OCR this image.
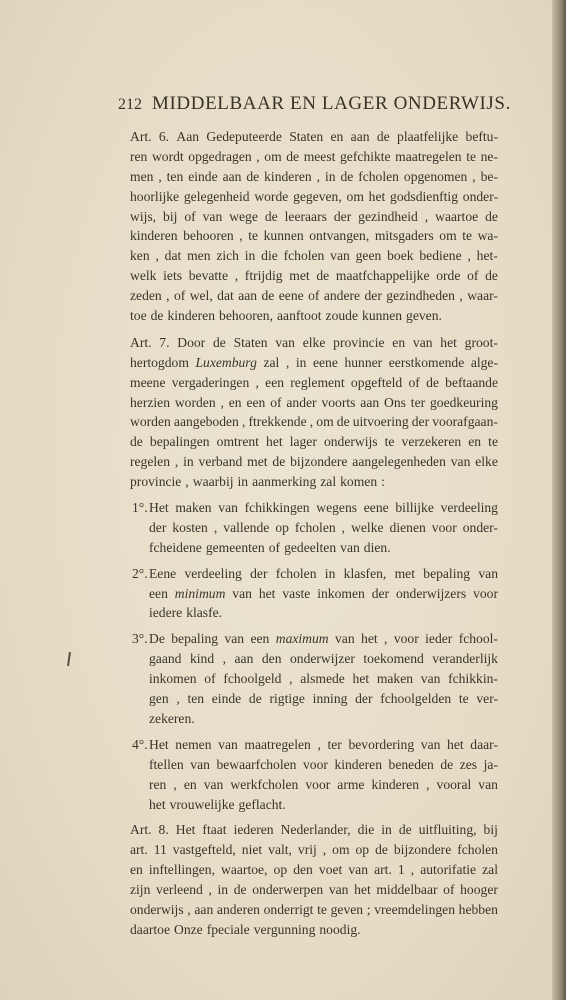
212 MIDDELBAAR EN LAGER ONDERWIJS.
Art. 6. Aan Gedeputeerde Staten en aan de plaatfelijke beftu-
ren wordt opgedragen , om de meest gefchikte maatregelen te ne-
men , ten einde aan de kinderen , in de fcholen opgenomen , be-
hoorlijke gelegenheid worde gegeven, om het godsdienftig onder-
wijs, bij of van wege de leeraars der gezindheid , waartoe de
kinderen behooren , te kunnen ontvangen, mitsgaders om te wa-
ken , dat men zich in die fcholen van geen boek bediene , het-
welk iets bevatte , ftrijdig met de maatfchappelijke orde of de
zeden , of wel, dat aan de eene of andere der gezindheden , waar-
toe de kinderen behooren, aanftoot zoude kunnen geven.
Art. 7. Door de Staten van elke provincie en van het groot-
hertogdom Luxemburg zal , in eene hunner eerstkomende alge-
meene vergaderingen , een reglement opgefteld of de beftaande
herzien worden , en een of ander voorts aan Ons ter goedkeuring
worden aangeboden , ftrekkende , om de uitvoering der voorafgaan-
de bepalingen omtrent het lager onderwijs te verzekeren en te
regelen , in verband met de bijzondere aangelegenheden van elke
provincie , waarbij in aanmerking zal komen :
1°. Het maken van fchikkingen wegens eene billijke verdeeling
der kosten , vallende op fcholen , welke dienen voor onder-
fcheidene gemeenten of gedeelten van dien.
2°. Eene verdeeling der fcholen in klasfen, met bepaling van
een minimum van het vaste inkomen der onderwijzers voor
iedere klasfe.
3°. De bepaling van een maximum van het , voor ieder fchool-
gaand kind , aan den onderwijzer toekomend veranderlijk
inkomen of fchoolgeld , alsmede het maken van fchikkin-
gen , ten einde de rigtige inning der fchoolgelden te ver-
zekeren.
4°. Het nemen van maatregelen , ter bevordering van het daar-
ftellen van bewaarfcholen voor kinderen beneden de zes ja-
ren , en van werkfcholen voor arme kinderen , vooral van
het vrouwelijke geflacht.
Art. 8. Het ftaat iederen Nederlander, die in de uitfluiting, bij
art. 11 vastgefteld, niet valt, vrij , om op de bijzondere fcholen
en inftellingen, waartoe, op den voet van art. 1 , autorifatie zal
zijn verleend , in de onderwerpen van het middelbaar of hooger
onderwijs , aan anderen onderrigt te geven ; vreemdelingen hebben
daartoe Onze fpeciale vergunning noodig.
